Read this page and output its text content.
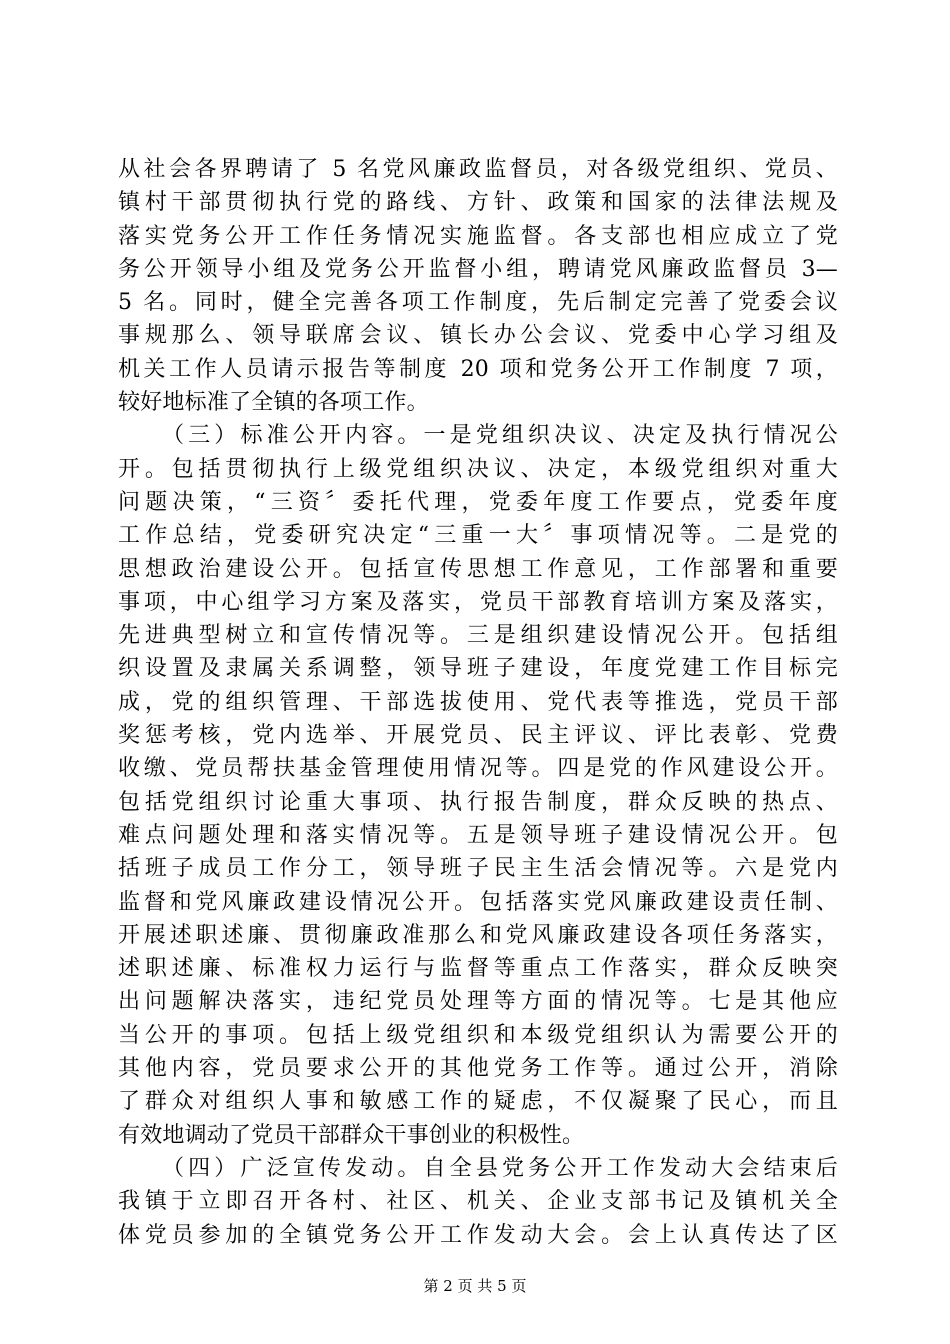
从社会各界聘请了 5 名党风廉政监督员，对各级党组织、党员、
镇村干部贯彻执行党的路线、方针、政策和国家的法律法规及
落实党务公开工作任务情况实施监督。各支部也相应成立了党
务公开领导小组及党务公开监督小组，聘请党风廉政监督员 3—
5 名。同时，健全完善各项工作制度，先后制定完善了党委会议
事规那么、领导联席会议、镇长办公会议、党委中心学习组及
机关工作人员请示报告等制度 20 项和党务公开工作制度 7 项，
较好地标准了全镇的各项工作。
（三）标准公开内容。一是党组织决议、决定及执行情况公
开。包括贯彻执行上级党组织决议、决定，本级党组织对重大
问题决策，“三资〞委托代理，党委年度工作要点，党委年度
工作总结，党委研究决定“三重一大〞事项情况等。二是党的
思想政治建设公开。包括宣传思想工作意见，工作部署和重要
事项，中心组学习方案及落实，党员干部教育培训方案及落实，
先进典型树立和宣传情况等。三是组织建设情况公开。包括组
织设置及隶属关系调整，领导班子建设，年度党建工作目标完
成，党的组织管理、干部选拔使用、党代表等推选，党员干部
奖惩考核，党内选举、开展党员、民主评议、评比表彰、党费
收缴、党员帮扶基金管理使用情况等。四是党的作风建设公开。
包括党组织讨论重大事项、执行报告制度，群众反映的热点、
难点问题处理和落实情况等。五是领导班子建设情况公开。包
括班子成员工作分工，领导班子民主生活会情况等。六是党内
监督和党风廉政建设情况公开。包括落实党风廉政建设责任制、
开展述职述廉、贯彻廉政准那么和党风廉政建设各项任务落实，
述职述廉、标准权力运行与监督等重点工作落实，群众反映突
出问题解决落实，违纪党员处理等方面的情况等。七是其他应
当公开的事项。包括上级党组织和本级党组织认为需要公开的
其他内容，党员要求公开的其他党务工作等。通过公开，消除
了群众对组织人事和敏感工作的疑虑，不仅凝聚了民心，而且
有效地调动了党员干部群众干事创业的积极性。
（四）广泛宣传发动。自全县党务公开工作发动大会结束后
我镇于立即召开各村、社区、机关、企业支部书记及镇机关全
体党员参加的全镇党务公开工作发动大会。会上认真传达了区
第 2 页 共 5 页
